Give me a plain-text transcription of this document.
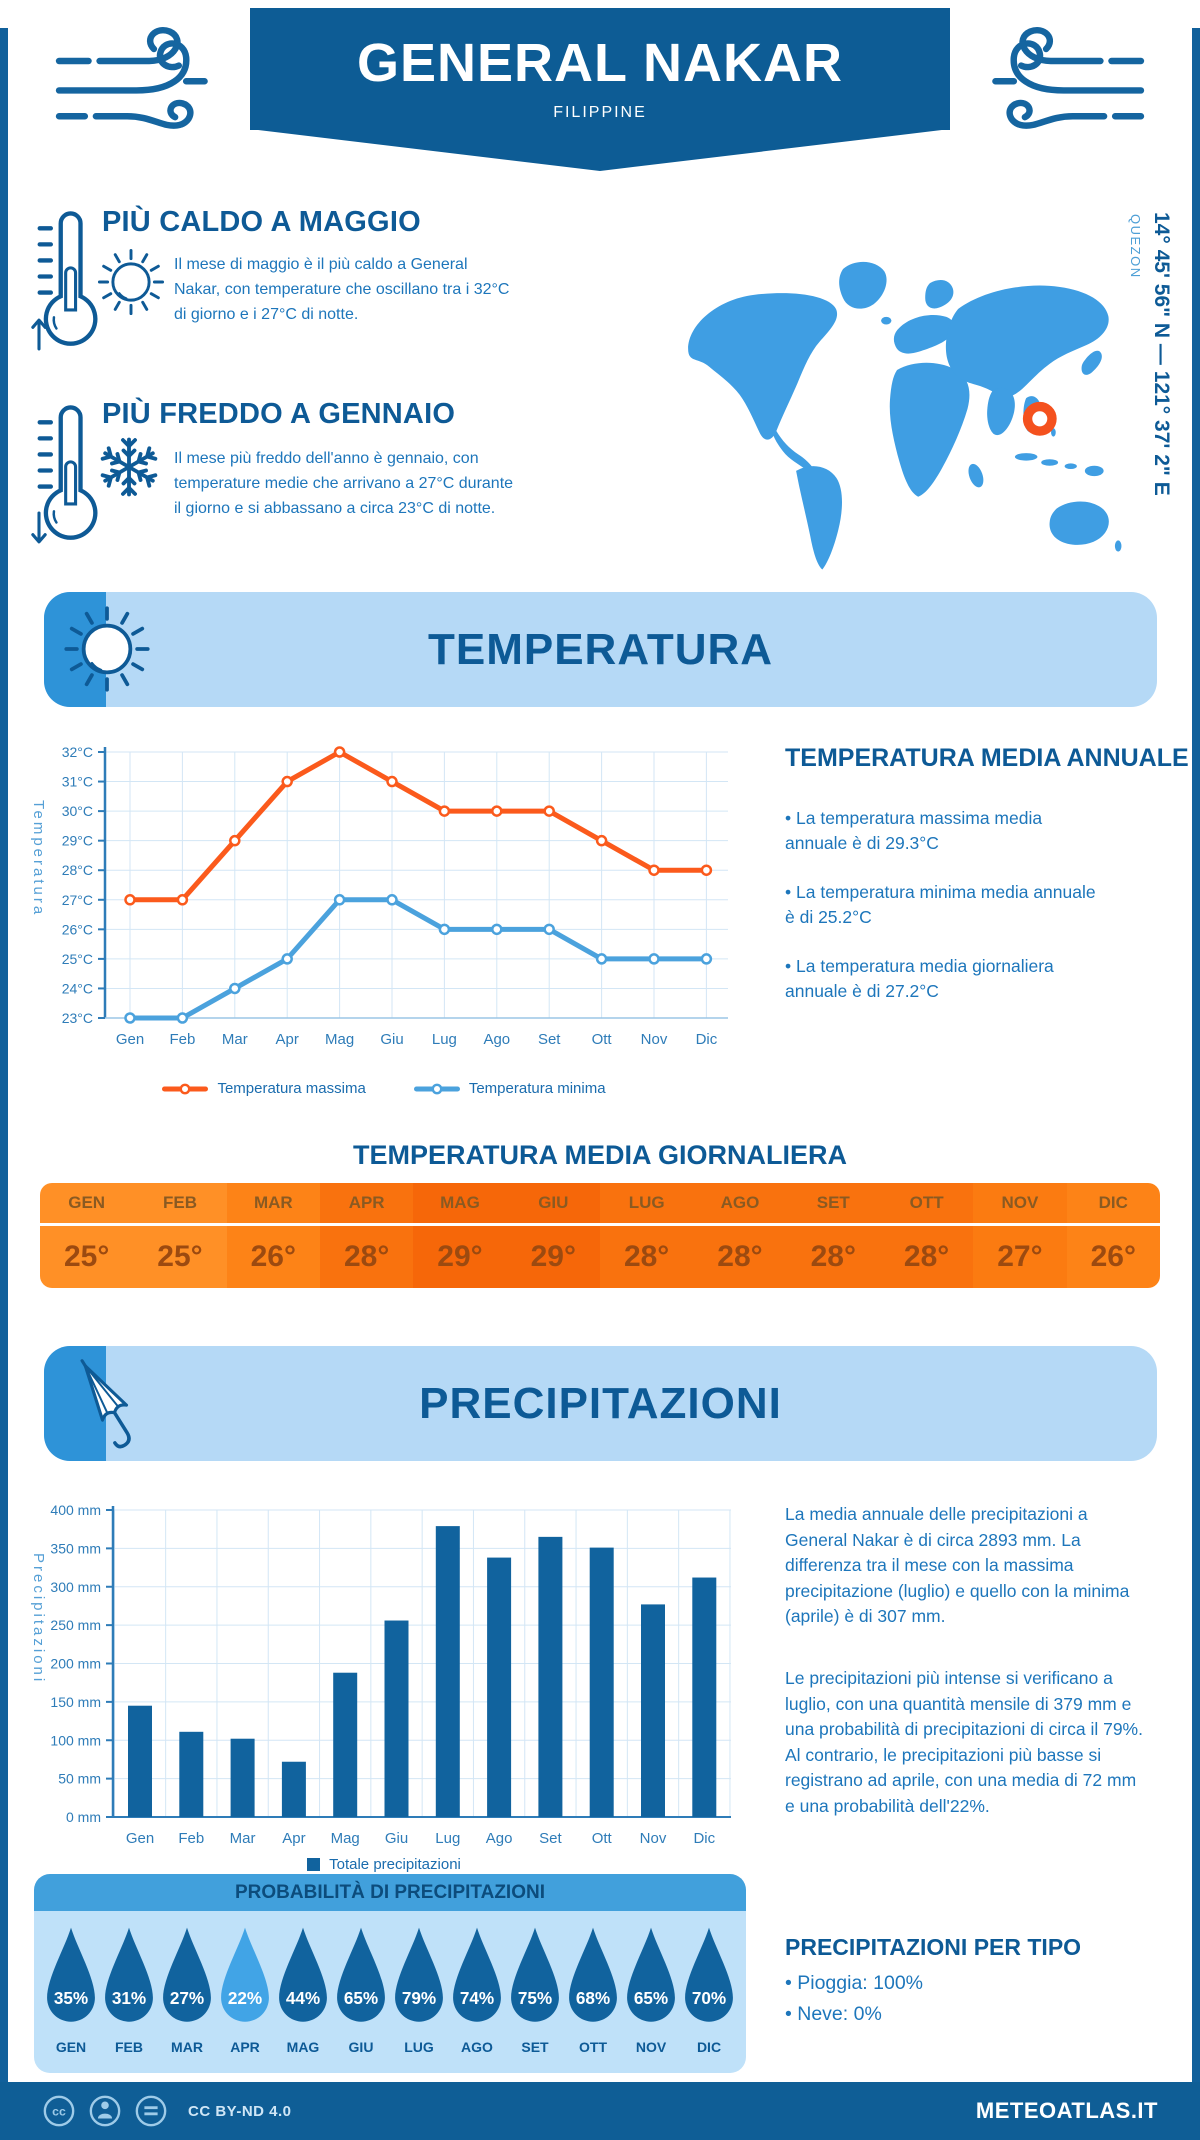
GENERAL NAKAR
FILIPPINE
PIÙ CALDO A MAGGIO
Il mese di maggio è il più caldo a General Nakar, con temperature che oscillano tra i 32°C di giorno e i 27°C di notte.
PIÙ FREDDO A GENNAIO
Il mese più freddo dell'anno è gennaio, con temperature medie che arrivano a 27°C durante il giorno e si abbassano a circa 23°C di notte.
14° 45' 56" N — 121° 37' 2" E
QUEZON
TEMPERATURA
23°C
24°C
25°C
26°C
27°C
28°C
29°C
30°C
31°C
32°C
Gen Feb Mar Apr Mag Giu Lug Ago Set Ott Nov Dic
Temperatura
Temperatura massima	Temperatura minima
TEMPERATURA MEDIA ANNUALE
• La temperatura massima media annuale è di 29.3°C
• La temperatura minima media annuale è di 25.2°C
• La temperatura media giornaliera annuale è di 27.2°C
TEMPERATURA MEDIA GIORNALIERA
GEN
25°
FEB
25°
MAR
26°
APR
28°
MAG
29°
GIU
29°
LUG
28°
AGO
28°
SET
28°
OTT
28°
NOV
27°
DIC
26°
PRECIPITAZIONI
0 mm
50 mm
100 mm
150 mm
200 mm
250 mm
300 mm
350 mm
400 mm
Gen Feb Mar Apr Mag Giu Lug Ago Set Ott Nov Dic
Precipitazioni
Totale precipitazioni
La media annuale delle precipitazioni a General Nakar è di circa 2893 mm. La differenza tra il mese con la massima precipitazione (luglio) e quello con la minima (aprile) è di 307 mm.
Le precipitazioni più intense si verificano a luglio, con una quantità mensile di 379 mm e una probabilità di precipitazioni di circa il 79%. Al contrario, le precipitazioni più basse si registrano ad aprile, con una media di 72 mm e una probabilità dell'22%.
PROBABILITÀ DI PRECIPITAZIONI
35%
GEN
31%
FEB
27%
MAR
22%
APR
44%
MAG
65%
GIU
79%
LUG
74%
AGO
75%
SET
68%
OTT
65%
NOV
70%
DIC
PRECIPITAZIONI PER TIPO
• Pioggia: 100%
• Neve: 0%
cc	CC BY-ND 4.0	METEOATLAS.IT
